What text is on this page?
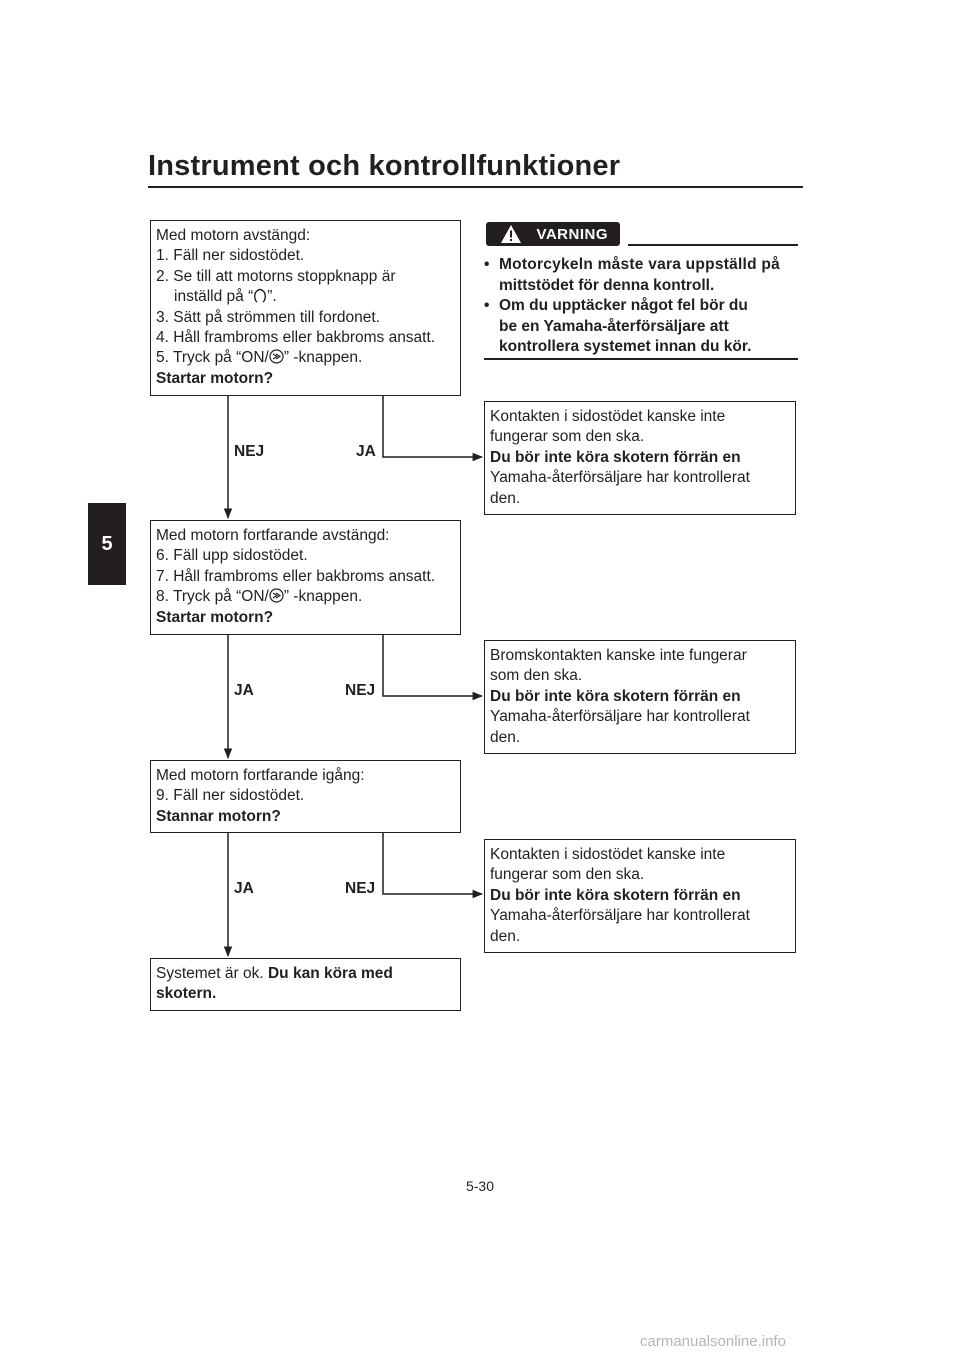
Instrument och kontrollfunktioner
5
Med motorn avstängd:
1. Fäll ner sidostödet.
2. Se till att motorns stoppknapp är
inställd på “ ”.
3. Sätt på strömmen till fordonet.
4. Håll frambroms eller bakbroms ansatt.
5. Tryck på “ON/ ” -knappen.
Startar motorn?
NEJ	JA
VARNING
• Motorcykeln måste vara uppställd på
mittstödet för denna kontroll.
• Om du upptäcker något fel bör du
be en Yamaha-återförsäljare att
kontrollera systemet innan du kör.
Kontakten i sidostödet kanske inte
fungerar som den ska.
Du bör inte köra skotern förrän en
Yamaha-återförsäljare har kontrollerat
den.
Med motorn fortfarande avstängd:
6. Fäll upp sidostödet.
7. Håll frambroms eller bakbroms ansatt.
8. Tryck på “ON/ ” -knappen.
Startar motorn?
JA	NEJ
Bromskontakten kanske inte fungerar
som den ska.
Du bör inte köra skotern förrän en
Yamaha-återförsäljare har kontrollerat
den.
Med motorn fortfarande igång:
9. Fäll ner sidostödet.
Stannar motorn?
JA	NEJ
Kontakten i sidostödet kanske inte
fungerar som den ska.
Du bör inte köra skotern förrän en
Yamaha-återförsäljare har kontrollerat
den.
Systemet är ok. Du kan köra med
skotern.
5-30
carmanualsonline.info
